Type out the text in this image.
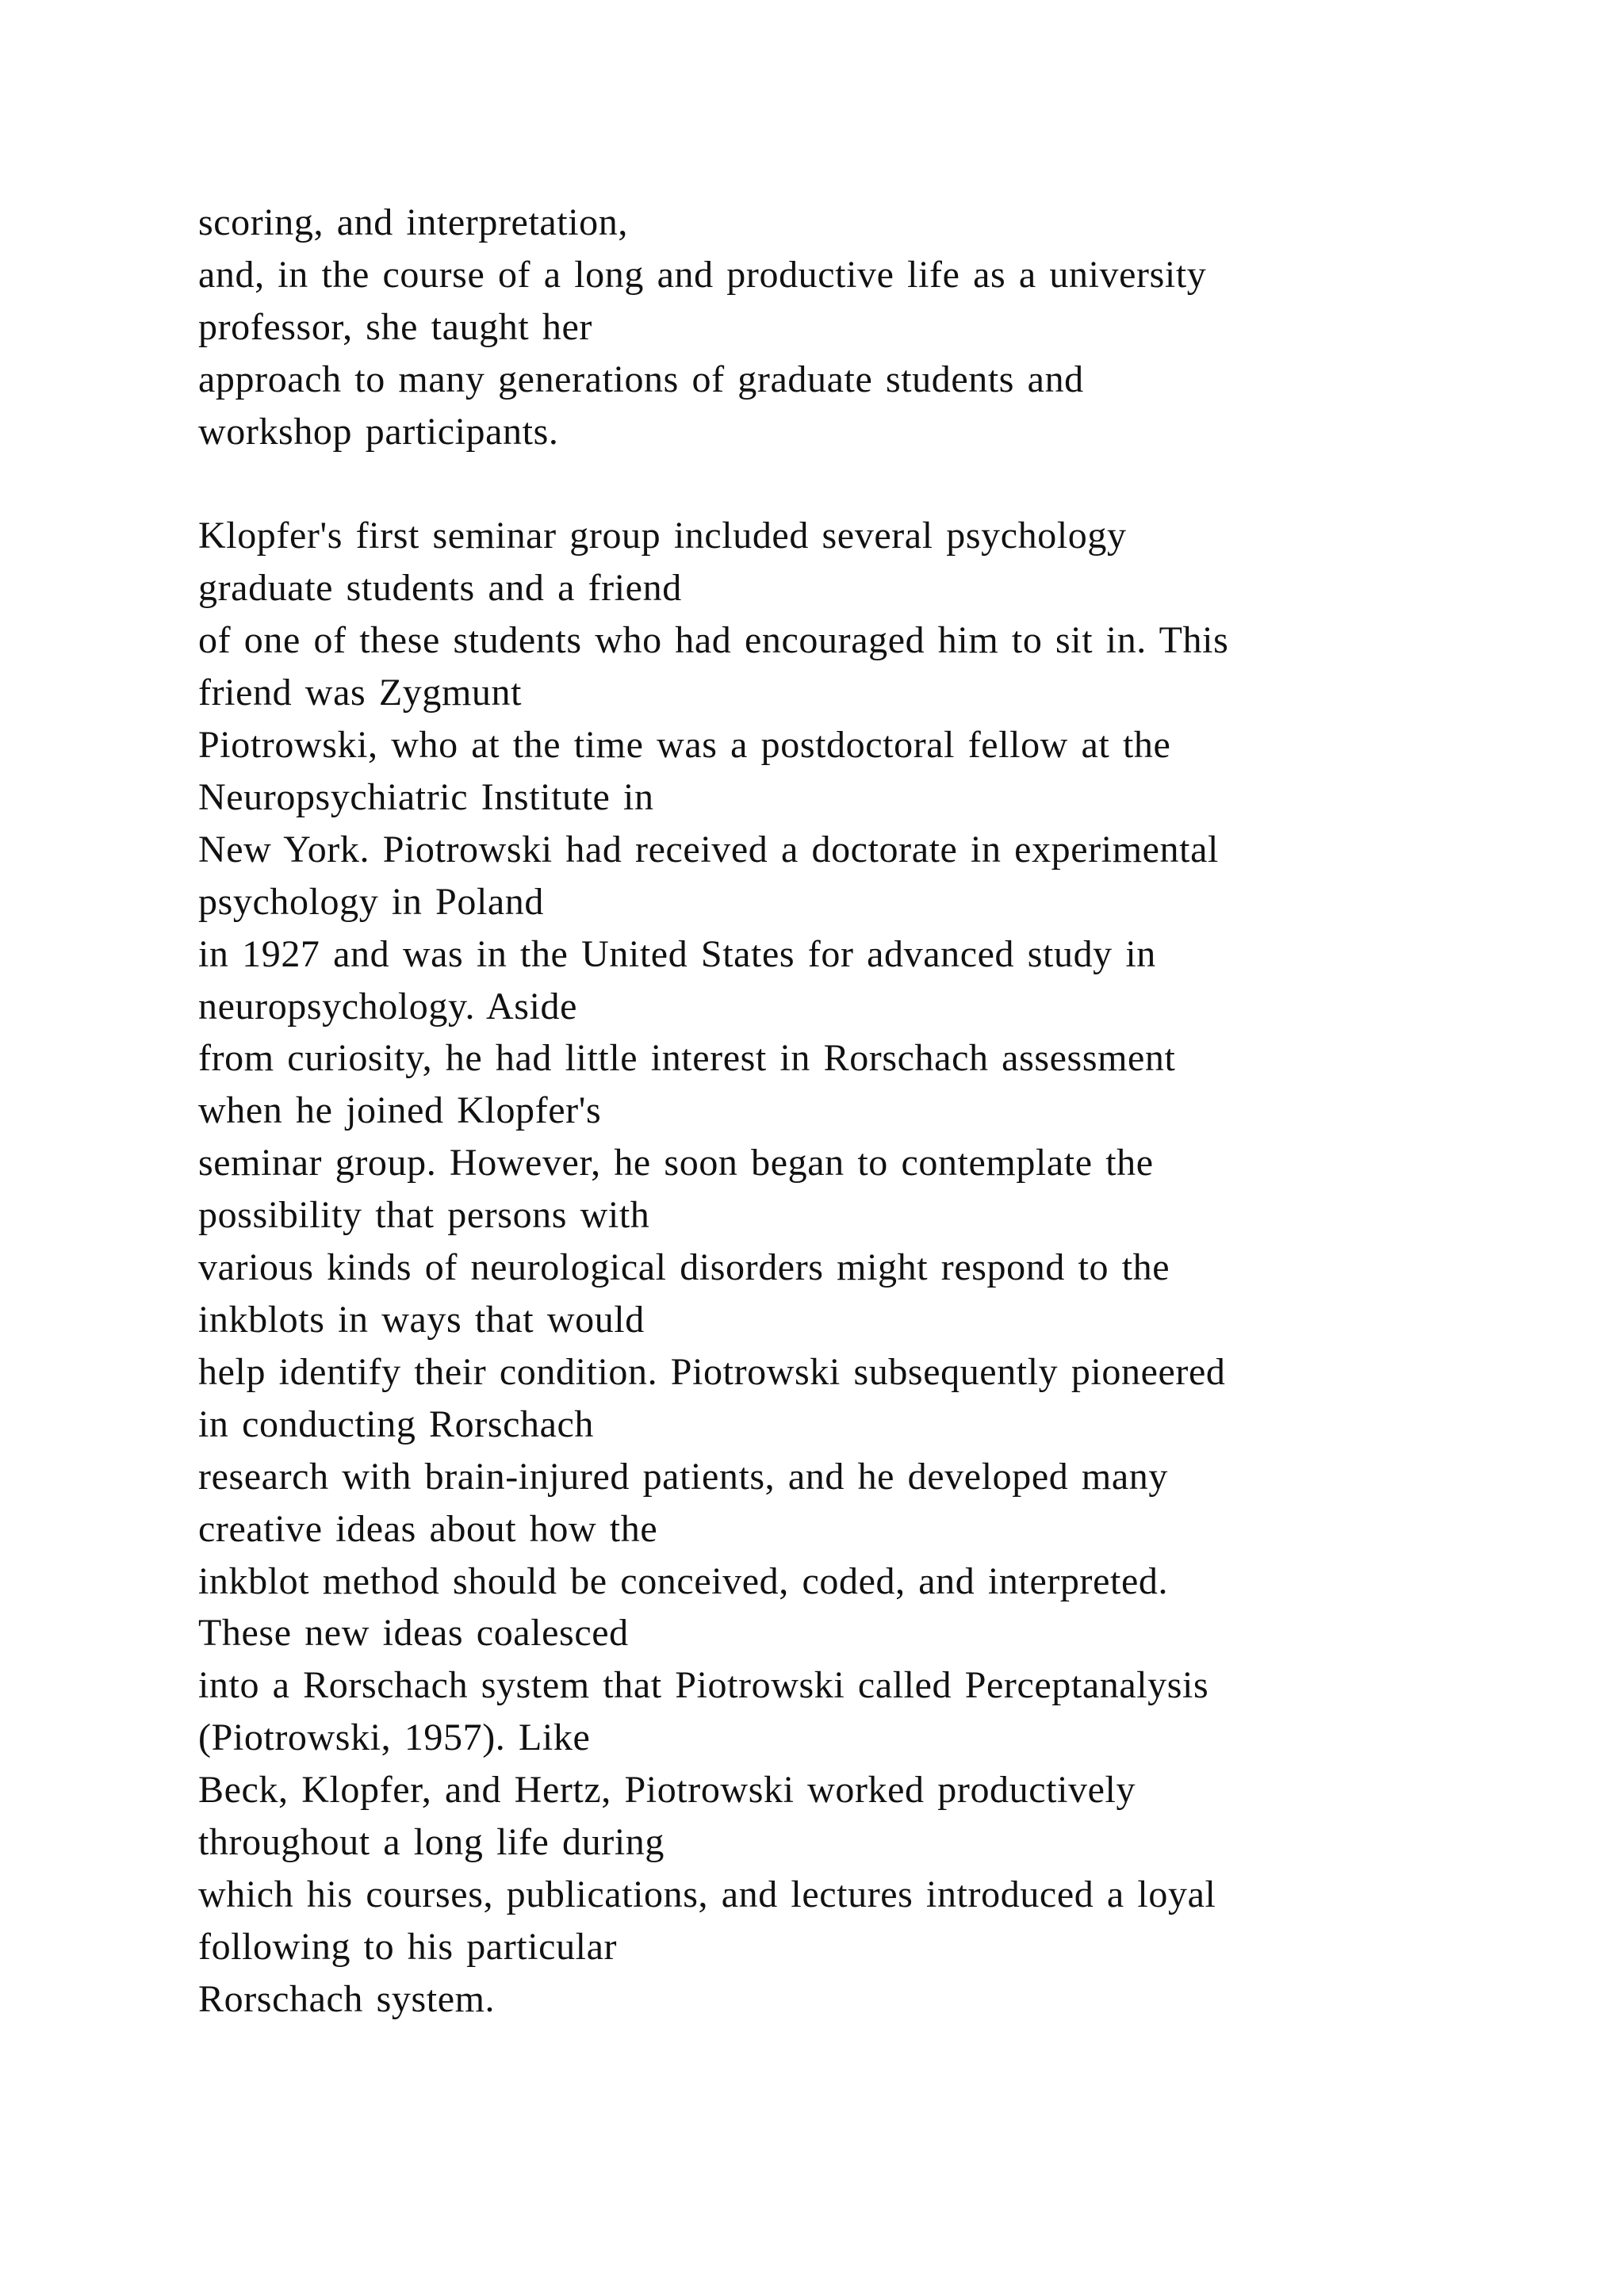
scoring, and interpretation,
and, in the course of a long and productive life as a university
professor, she taught her
approach to many generations of graduate students and
workshop participants.

Klopfer's first seminar group included several psychology
graduate students and a friend
of one of these students who had encouraged him to sit in. This
friend was Zygmunt
Piotrowski, who at the time was a postdoctoral fellow at the
Neuropsychiatric Institute in
New York. Piotrowski had received a doctorate in experimental
psychology in Poland
in 1927 and was in the United States for advanced study in
neuropsychology. Aside
from curiosity, he had little interest in Rorschach assessment
when he joined Klopfer's
seminar group. However, he soon began to contemplate the
possibility that persons with
various kinds of neurological disorders might respond to the
inkblots in ways that would
help identify their condition. Piotrowski subsequently pioneered
in conducting Rorschach
research with brain-injured patients, and he developed many
creative ideas about how the
inkblot method should be conceived, coded, and interpreted.
These new ideas coalesced
into a Rorschach system that Piotrowski called Perceptanalysis
(Piotrowski, 1957). Like
Beck, Klopfer, and Hertz, Piotrowski worked productively
throughout a long life during
which his courses, publications, and lectures introduced a loyal
following to his particular
Rorschach system.
